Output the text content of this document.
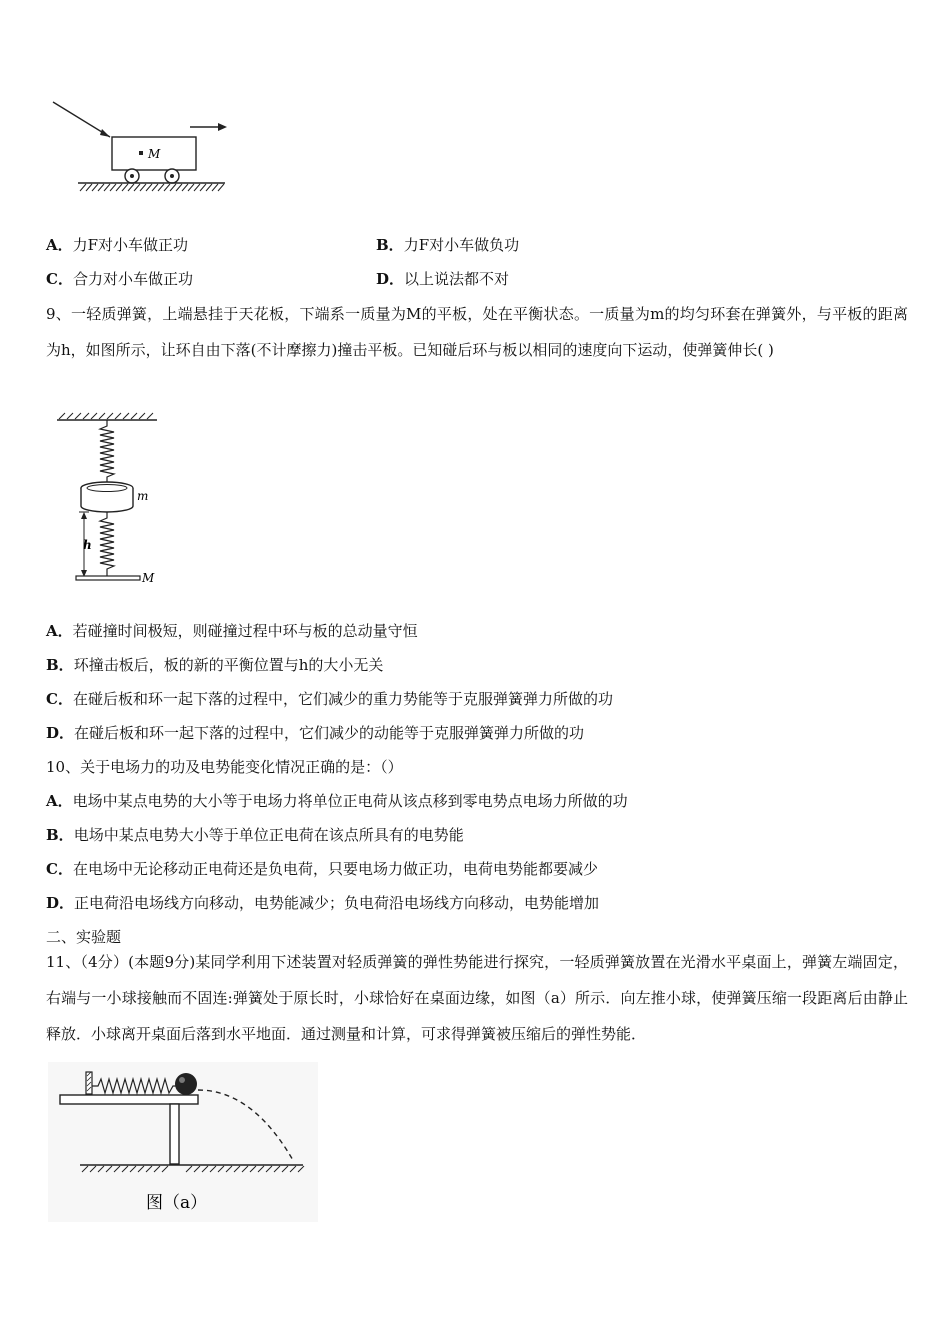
M
A．力F对小车做正功	B．力F对小车做负功
C．合力对小车做正功	D．以上说法都不对
9、一轻质弹簧，上端悬挂于天花板，下端系一质量为M的平板，处在平衡状态。一质量为m的均匀环套在弹簧外，与平板的距离为h，如图所示，让环自由下落(不计摩擦力)撞击平板。已知碰后环与板以相同的速度向下运动，使弹簧伸长( )
m
h
M
A．若碰撞时间极短，则碰撞过程中环与板的总动量守恒
B．环撞击板后，板的新的平衡位置与h的大小无关
C．在碰后板和环一起下落的过程中，它们减少的重力势能等于克服弹簧弹力所做的功
D．在碰后板和环一起下落的过程中，它们减少的动能等于克服弹簧弹力所做的功
10、关于电场力的功及电势能变化情况正确的是：（）
A．电场中某点电势的大小等于电场力将单位正电荷从该点移到零电势点电场力所做的功
B．电场中某点电势大小等于单位正电荷在该点所具有的电势能
C．在电场中无论移动正电荷还是负电荷，只要电场力做正功，电荷电势能都要减少
D．正电荷沿电场线方向移动，电势能减少；负电荷沿电场线方向移动，电势能增加
二、实验题
11、（4分）(本题9分)某同学利用下述装置对轻质弹簧的弹性势能进行探究，一轻质弹簧放置在光滑水平桌面上，弹簧左端固定，右端与一小球接触而不固连:弹簧处于原长时，小球恰好在桌面边缘，如图（a）所示．向左推小球，使弹簧压缩一段距离后由静止释放．小球离开桌面后落到水平地面．通过测量和计算，可求得弹簧被压缩后的弹性势能．
图（a）
